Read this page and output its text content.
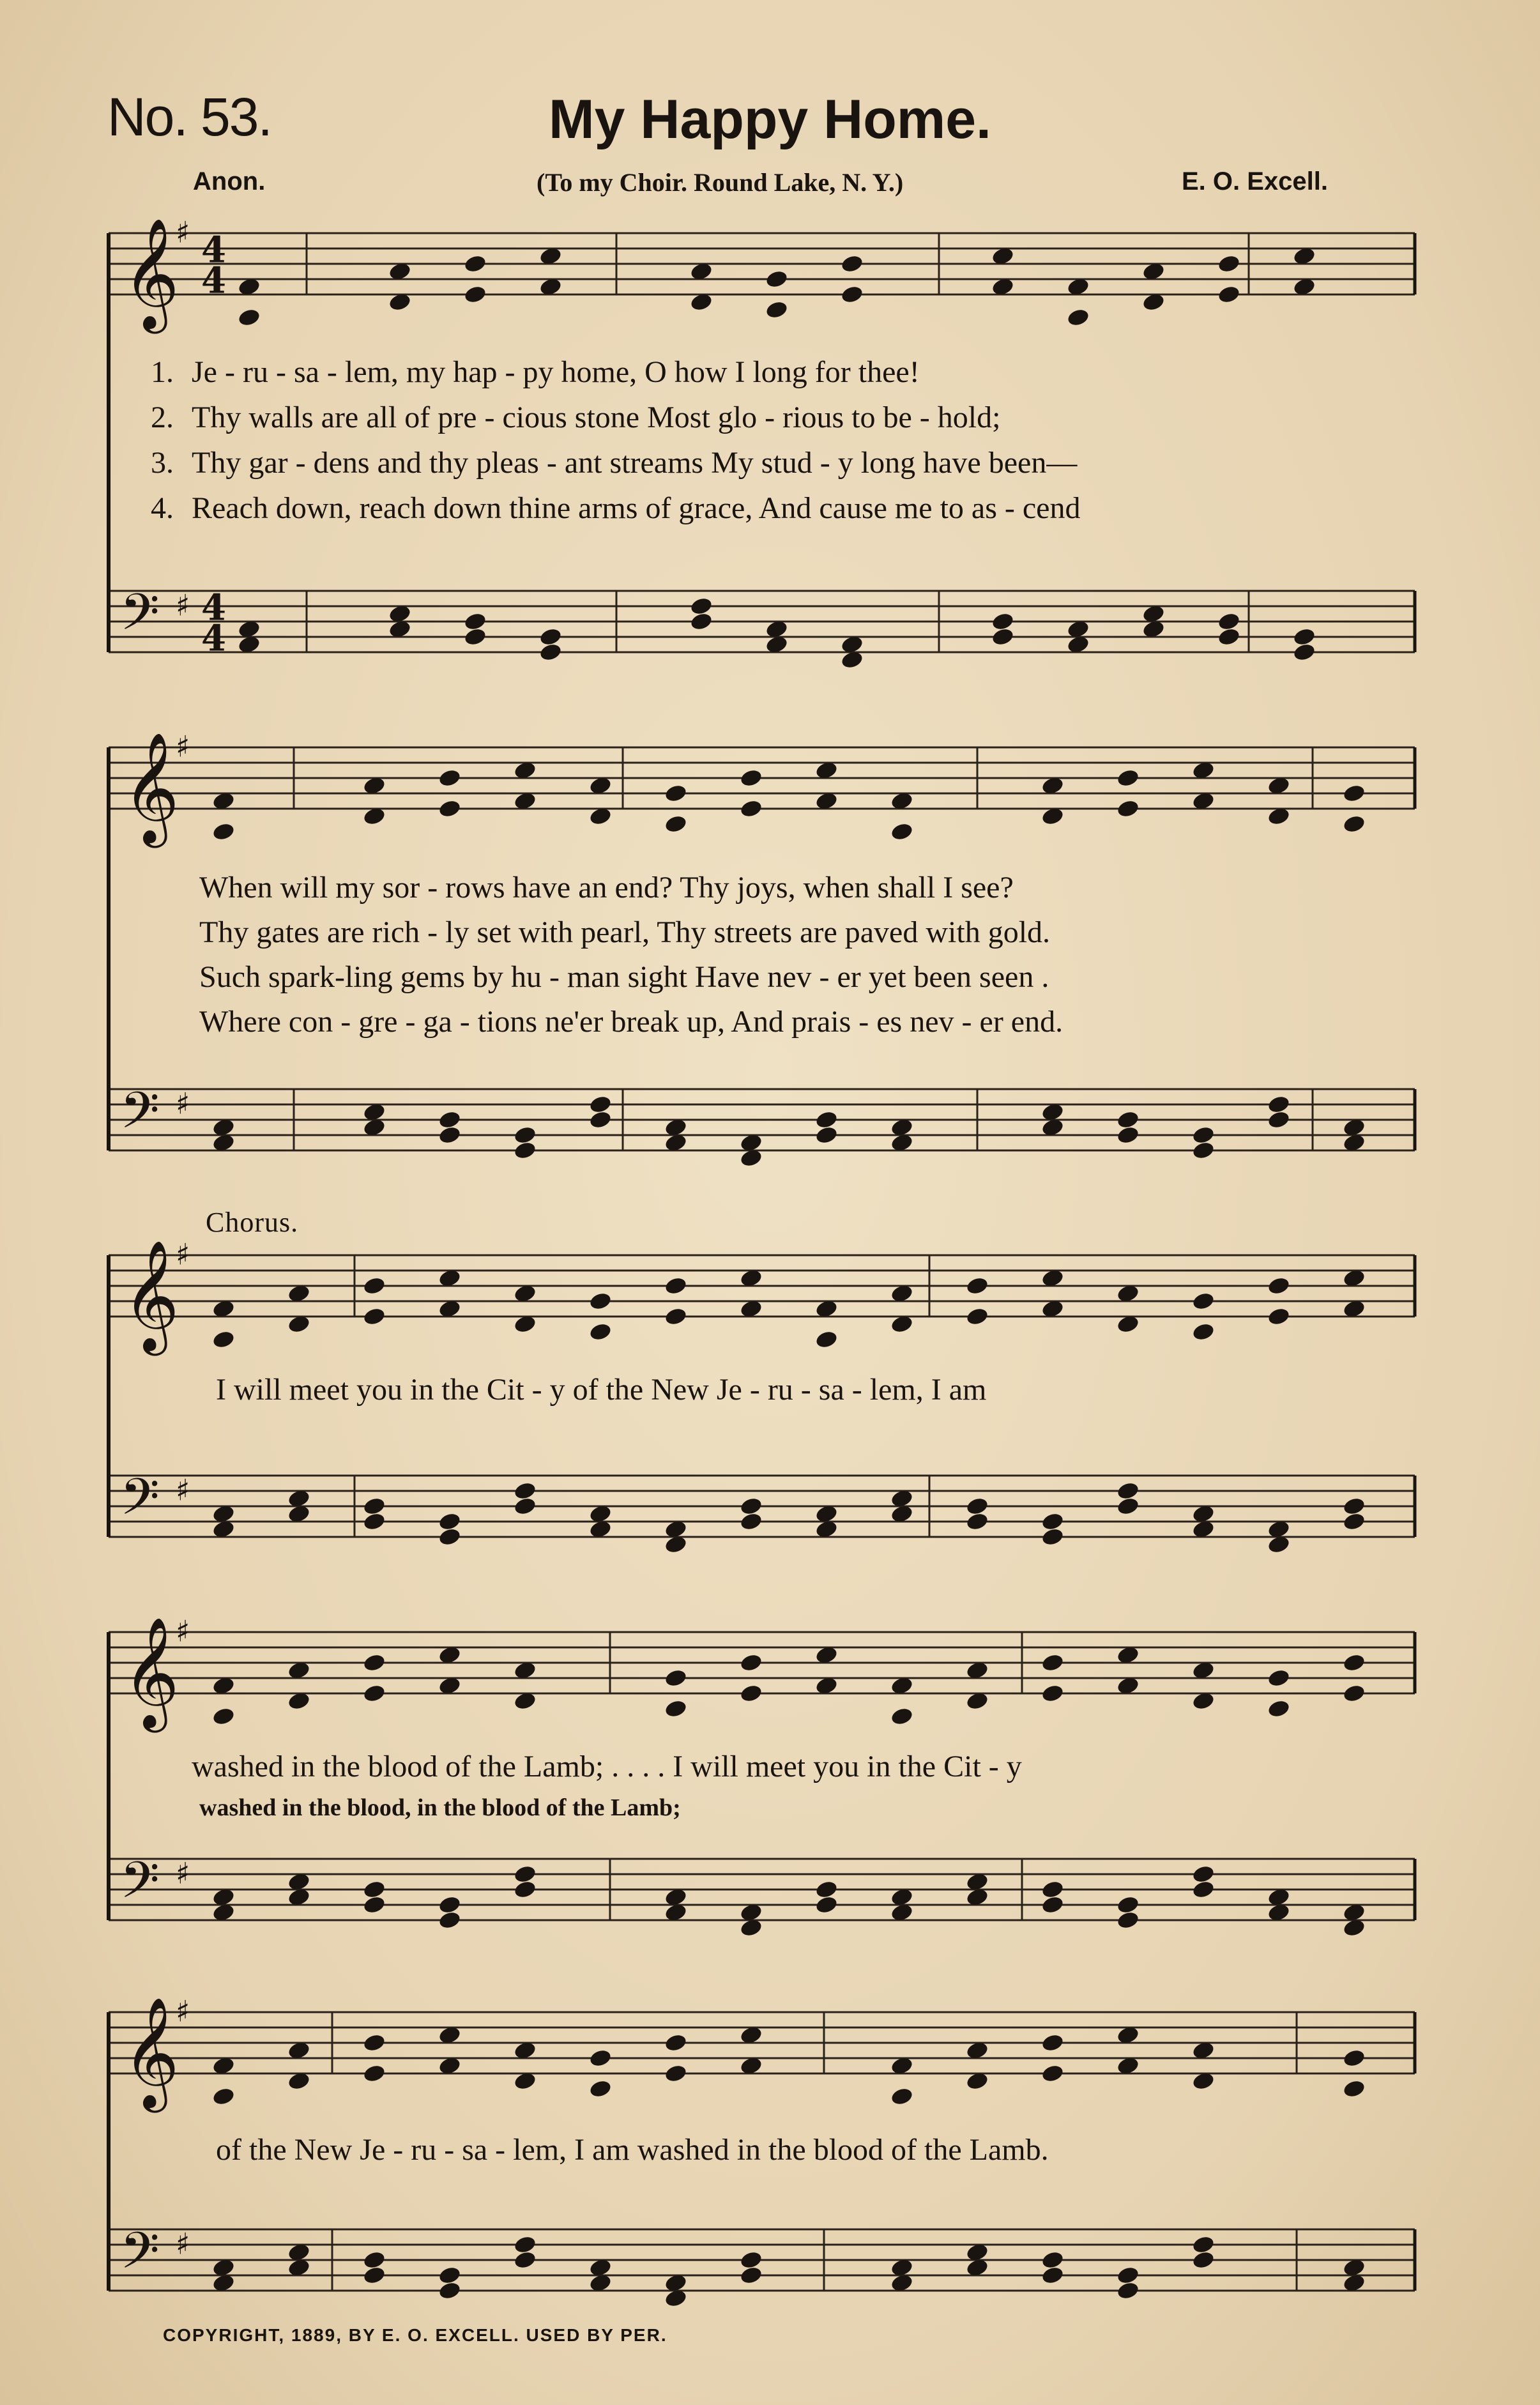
No. 53.	My Happy Home.
Anon.	(To my Choir. Round Lake, N. Y.)	E. O. Excell.
𝄞
𝄢
♯
♯
4
4
4
4
𝄞
𝄢
♯
♯
𝄞
𝄢
♯
♯
𝄞
𝄢
♯
♯
𝄞
𝄢
♯
♯
1.
2.
3.
4.
Je - ru - sa - lem, my hap - py home, O how I long for thee!
Thy walls are all of pre - cious stone Most glo - rious to be - hold;
Thy gar - dens and thy pleas - ant streams My stud - y long have been—
Reach down, reach down thine arms of grace, And cause me to as - cend
When will my sor - rows have an end? Thy joys, when shall I see?
Thy gates are rich - ly set with pearl, Thy streets are paved with gold.
Such spark-ling gems by hu - man sight Have nev - er yet been seen .
Where con - gre - ga - tions ne'er break up, And prais - es nev - er end.
Chorus.
I will meet you in the Cit - y of the New Je - ru - sa - lem, I am
washed in the blood of the Lamb; . . . . I will meet you in the Cit - y
washed in the blood, in the blood of the Lamb;
of the New Je - ru - sa - lem, I am washed in the blood of the Lamb.
COPYRIGHT, 1889, BY E. O. EXCELL. USED BY PER.
